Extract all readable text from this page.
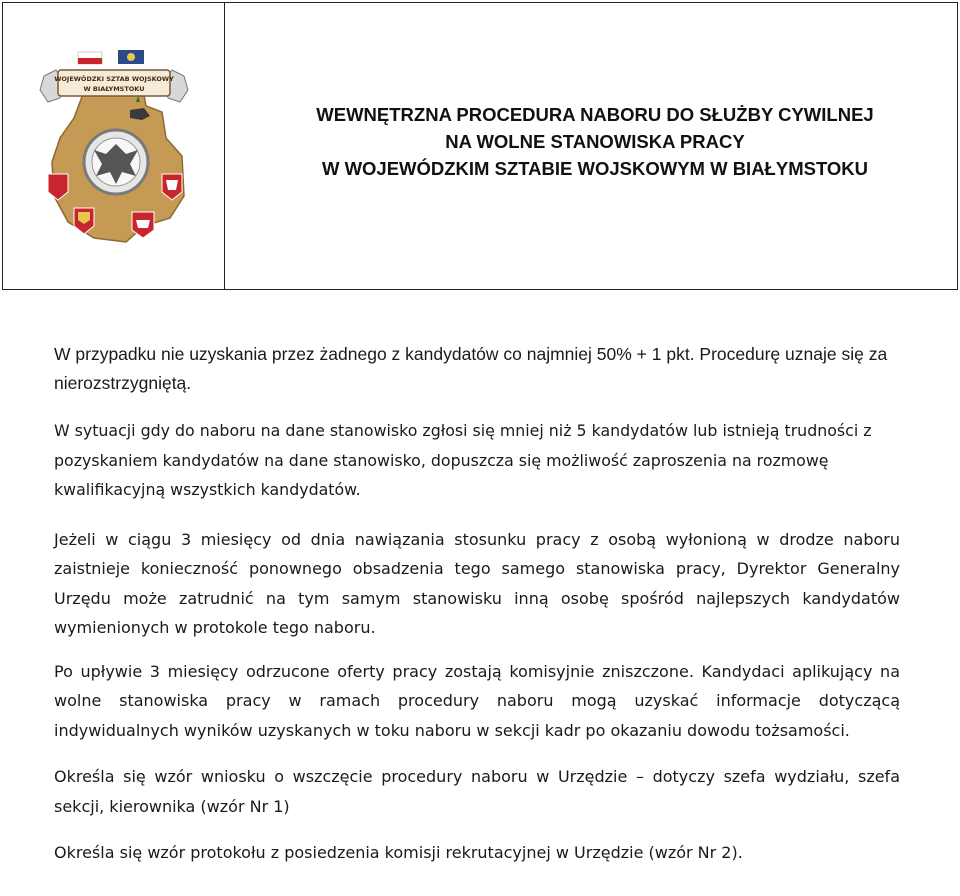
WOJEWÓDZKI SZTAB WOJSKOWY
W BIAŁYMSTOKU
WEWNĘTRZNA PROCEDURA NABORU DO SŁUŻBY CYWILNEJ
NA WOLNE STANOWISKA PRACY
W WOJEWÓDZKIM SZTABIE WOJSKOWYM W BIAŁYMSTOKU

W przypadku nie uzyskania przez żadnego z kandydatów co najmniej 50% + 1 pkt. Procedurę uznaje się za nierozstrzygniętą.

W sytuacji gdy do naboru na dane stanowisko zgłosi się mniej niż 5 kandydatów lub istnieją trudności z pozyskaniem kandydatów na dane stanowisko, dopuszcza się możliwość zaproszenia na rozmowę kwalifikacyjną wszystkich kandydatów.

Jeżeli w ciągu 3 miesięcy od dnia nawiązania stosunku pracy z osobą wyłonioną w drodze naboru zaistnieje konieczność ponownego obsadzenia tego samego stanowiska pracy, Dyrektor Generalny Urzędu może zatrudnić na tym samym stanowisku inną osobę spośród najlepszych kandydatów wymienionych w protokole tego naboru.

Po upływie 3 miesięcy odrzucone oferty pracy zostają komisyjnie zniszczone. Kandydaci aplikujący na wolne stanowiska pracy w ramach procedury naboru mogą uzyskać informacje dotyczącą indywidualnych wyników uzyskanych w toku naboru w sekcji kadr po okazaniu dowodu tożsamości.

Określa się wzór wniosku o wszczęcie procedury naboru w Urzędzie – dotyczy szefa wydziału, szefa sekcji, kierownika (wzór Nr 1)

Określa się wzór protokołu z posiedzenia komisji rekrutacyjnej w Urzędzie (wzór Nr 2).
